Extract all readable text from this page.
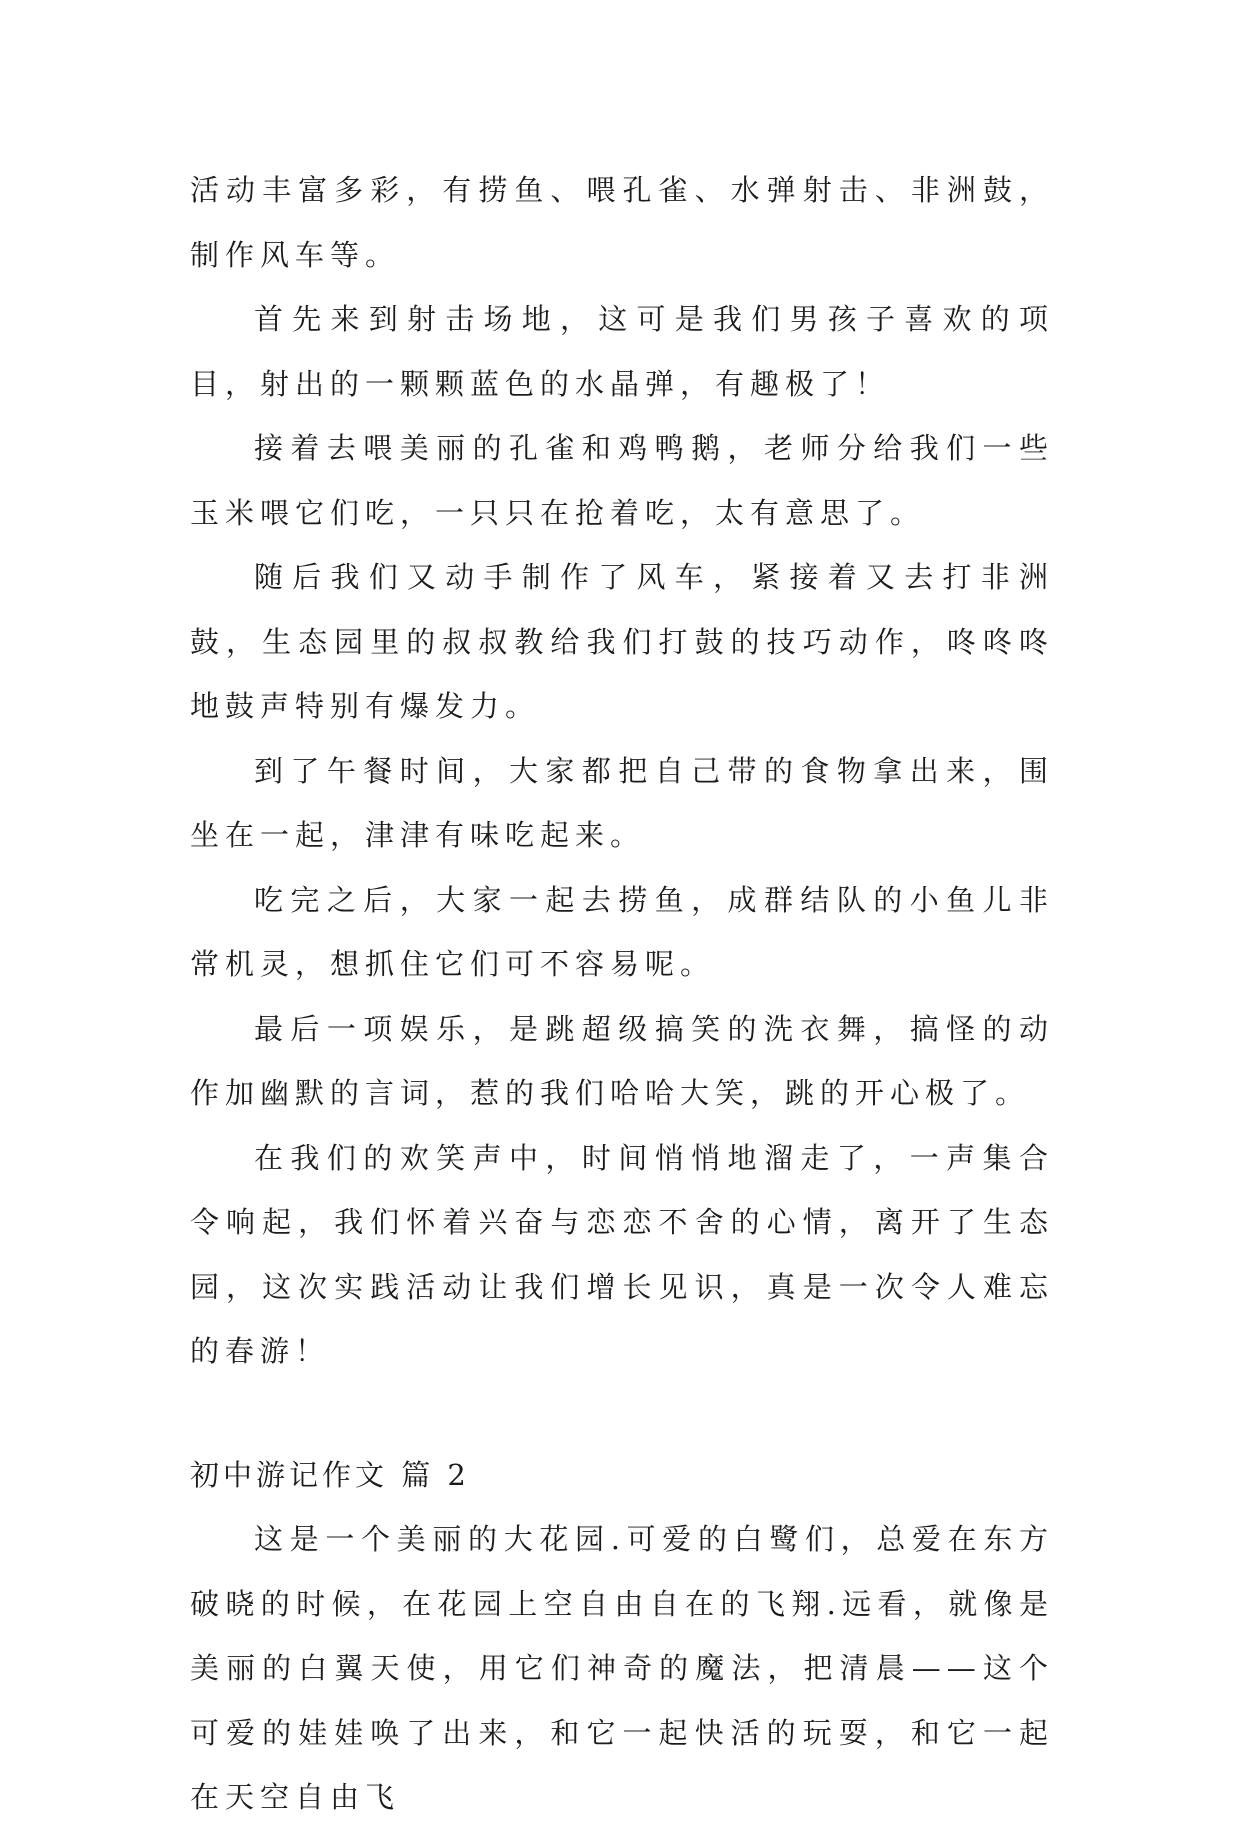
活动丰富多彩，有捞鱼、喂孔雀、水弹射击、非洲鼓，制作风车等。

首先来到射击场地，这可是我们男孩子喜欢的项目，射出的一颗颗蓝色的水晶弹，有趣极了！

接着去喂美丽的孔雀和鸡鸭鹅，老师分给我们一些玉米喂它们吃，一只只在抢着吃，太有意思了。

随后我们又动手制作了风车，紧接着又去打非洲鼓，生态园里的叔叔教给我们打鼓的技巧动作，咚咚咚地鼓声特别有爆发力。

到了午餐时间，大家都把自己带的食物拿出来，围坐在一起，津津有味吃起来。

吃完之后，大家一起去捞鱼，成群结队的小鱼儿非常机灵，想抓住它们可不容易呢。

最后一项娱乐，是跳超级搞笑的洗衣舞，搞怪的动作加幽默的言词，惹的我们哈哈大笑，跳的开心极了。

在我们的欢笑声中，时间悄悄地溜走了，一声集合令响起，我们怀着兴奋与恋恋不舍的心情，离开了生态园，这次实践活动让我们增长见识，真是一次令人难忘的春游！

初中游记作文 篇 2

这是一个美丽的大花园.可爱的白鹭们，总爱在东方破晓的时候，在花园上空自由自在的飞翔.远看，就像是美丽的白翼天使，用它们神奇的魔法，把清晨——这个可爱的娃娃唤了出来，和它一起快活的玩耍，和它一起在天空自由飞
